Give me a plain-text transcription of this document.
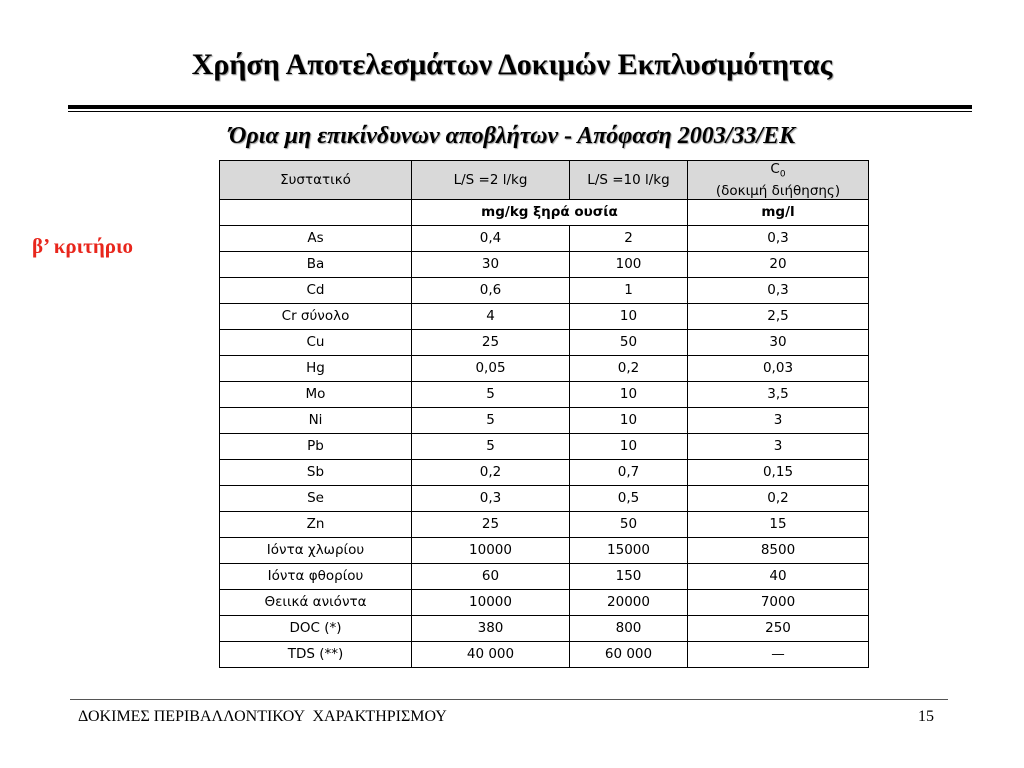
Χρήση Αποτελεσμάτων Δοκιμών Εκπλυσιμότητας
Όρια μη επικίνδυνων αποβλήτων - Απόφαση 2003/33/ΕΚ
β’ κριτήριο
Συστατικό	L/S =2 l/kg	L/S =10 l/kg	$C_0$
(δοκιμή διήθησης)
	mg/kg ξηρά ουσία		mg/l
As	0,4	2	0,3
Ba	30	100	20
Cd	0,6	1	0,3
Cr σύνολο	4	10	2,5
Cu	25	50	30
Hg	0,05	0,2	0,03
Mo	5	10	3,5
Ni	5	10	3
Pb	5	10	3
Sb	0,2	0,7	0,15
Se	0,3	0,5	0,2
Zn	25	50	15
Ιόντα χλωρίου	10000	15000	8500
Ιόντα φθορίου	60	150	40
Θειικά ανιόντα	10000	20000	7000
DOC (*)	380	800	250
TDS (**)	40 000	60 000	—
ΔΟΚΙΜΕΣ ΠΕΡΙΒΑΛΛΟΝΤΙΚΟΥ  ΧΑΡΑΚΤΗΡΙΣΜΟΥ	15
